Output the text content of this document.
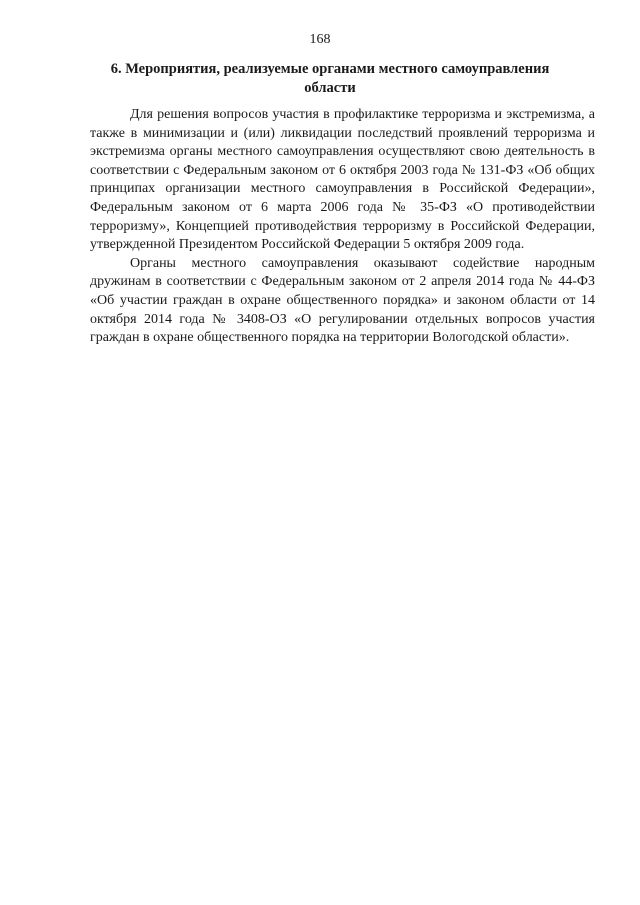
168
6. Мероприятия, реализуемые органами местного самоуправления области

Для решения вопросов участия в профилактике терроризма и экстремизма, а также в минимизации и (или) ликвидации последствий проявлений терроризма и экстремизма органы местного самоуправления осуществляют свою деятельность в соответствии с Федеральным законом от 6 октября 2003 года № 131-ФЗ «Об общих принципах организации местного самоуправления в Российской Федерации», Федеральным законом от 6 марта 2006 года № 35-ФЗ «О противодействии терроризму», Концепцией противодействия терроризму в Российской Федерации, утвержденной Президентом Российской Федерации 5 октября 2009 года.

Органы местного самоуправления оказывают содействие народным дружинам в соответствии с Федеральным законом от 2 апреля 2014 года № 44-ФЗ «Об участии граждан в охране общественного порядка» и законом области от 14 октября 2014 года № 3408-ОЗ «О регулировании отдельных вопросов участия граждан в охране общественного порядка на территории Вологодской области».
